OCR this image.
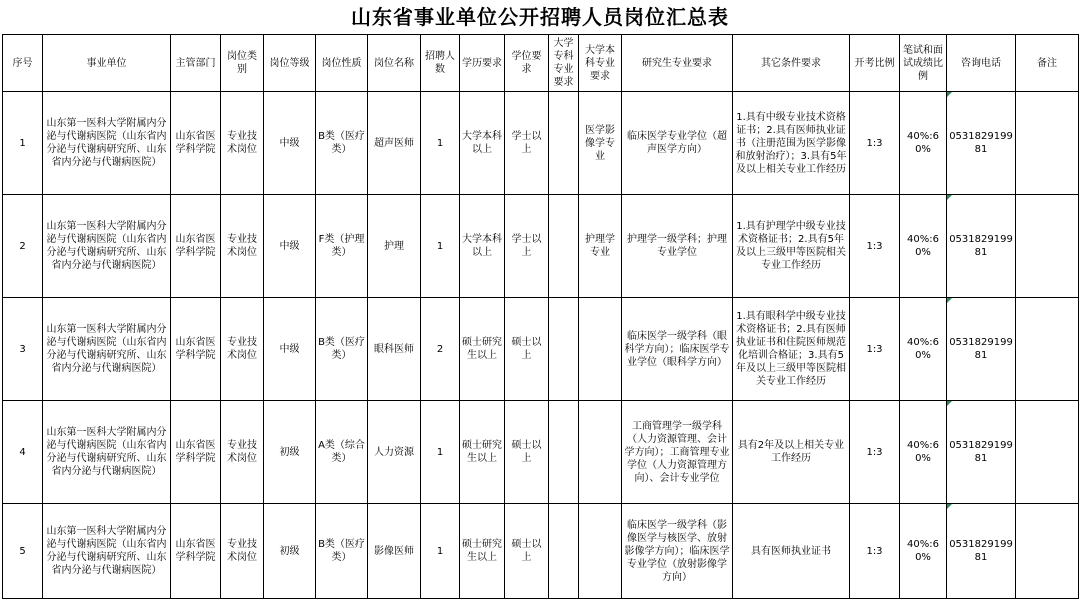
山东省事业单位公开招聘人员岗位汇总表
序号	事业单位	主管部门	岗位类别	岗位等级	岗位性质	岗位名称	招聘人数	学历要求	学位要求	大学专科专业要求	大学本科专业要求	研究生专业要求	其它条件要求	开考比例	笔试和面试成绩比例	咨询电话	备注
1	山东第一医科大学附属内分泌与代谢病医院（山东省内分泌与代谢病研究所、山东省内分泌与代谢病医院）	山东省医学科学院	专业技术岗位	中级	B类（医疗类）	超声医师	1	大学本科以上	学士以上		医学影像学专业	临床医学专业学位（超声医学方向）	1.具有中级专业技术资格证书；2.具有医师执业证书（注册范围为医学影像和放射治疗）；3.具有5年及以上相关专业工作经历	1:3	40%:60%	053182919981	
2	山东第一医科大学附属内分泌与代谢病医院（山东省内分泌与代谢病研究所、山东省内分泌与代谢病医院）	山东省医学科学院	专业技术岗位	中级	F类（护理类）	护理	1	大学本科以上	学士以上		护理学专业	护理学一级学科；护理专业学位	1.具有护理学中级专业技术资格证书；2.具有5年及以上三级甲等医院相关专业工作经历	1:3	40%:60%	053182919981	
3	山东第一医科大学附属内分泌与代谢病医院（山东省内分泌与代谢病研究所、山东省内分泌与代谢病医院）	山东省医学科学院	专业技术岗位	中级	B类（医疗类）	眼科医师	2	硕士研究生以上	硕士以上			临床医学一级学科（眼科学方向）；临床医学专业学位（眼科学方向）	1.具有眼科学中级专业技术资格证书；2.具有医师执业证书和住院医师规范化培训合格证；3.具有5年及以上三级甲等医院相关专业工作经历	1:3	40%:60%	053182919981	
4	山东第一医科大学附属内分泌与代谢病医院（山东省内分泌与代谢病研究所、山东省内分泌与代谢病医院）	山东省医学科学院	专业技术岗位	初级	A类（综合类）	人力资源	1	硕士研究生以上	硕士以上			工商管理学一级学科（人力资源管理、会计学方向）；工商管理专业学位（人力资源管理方向）、会计专业学位	具有2年及以上相关专业工作经历	1:3	40%:60%	053182919981	
5	山东第一医科大学附属内分泌与代谢病医院（山东省内分泌与代谢病研究所、山东省内分泌与代谢病医院）	山东省医学科学院	专业技术岗位	初级	B类（医疗类）	影像医师	1	硕士研究生以上	硕士以上			临床医学一级学科（影像医学与核医学、放射影像学方向）；临床医学专业学位（放射影像学方向）	具有医师执业证书	1:3	40%:60%	053182919981	
